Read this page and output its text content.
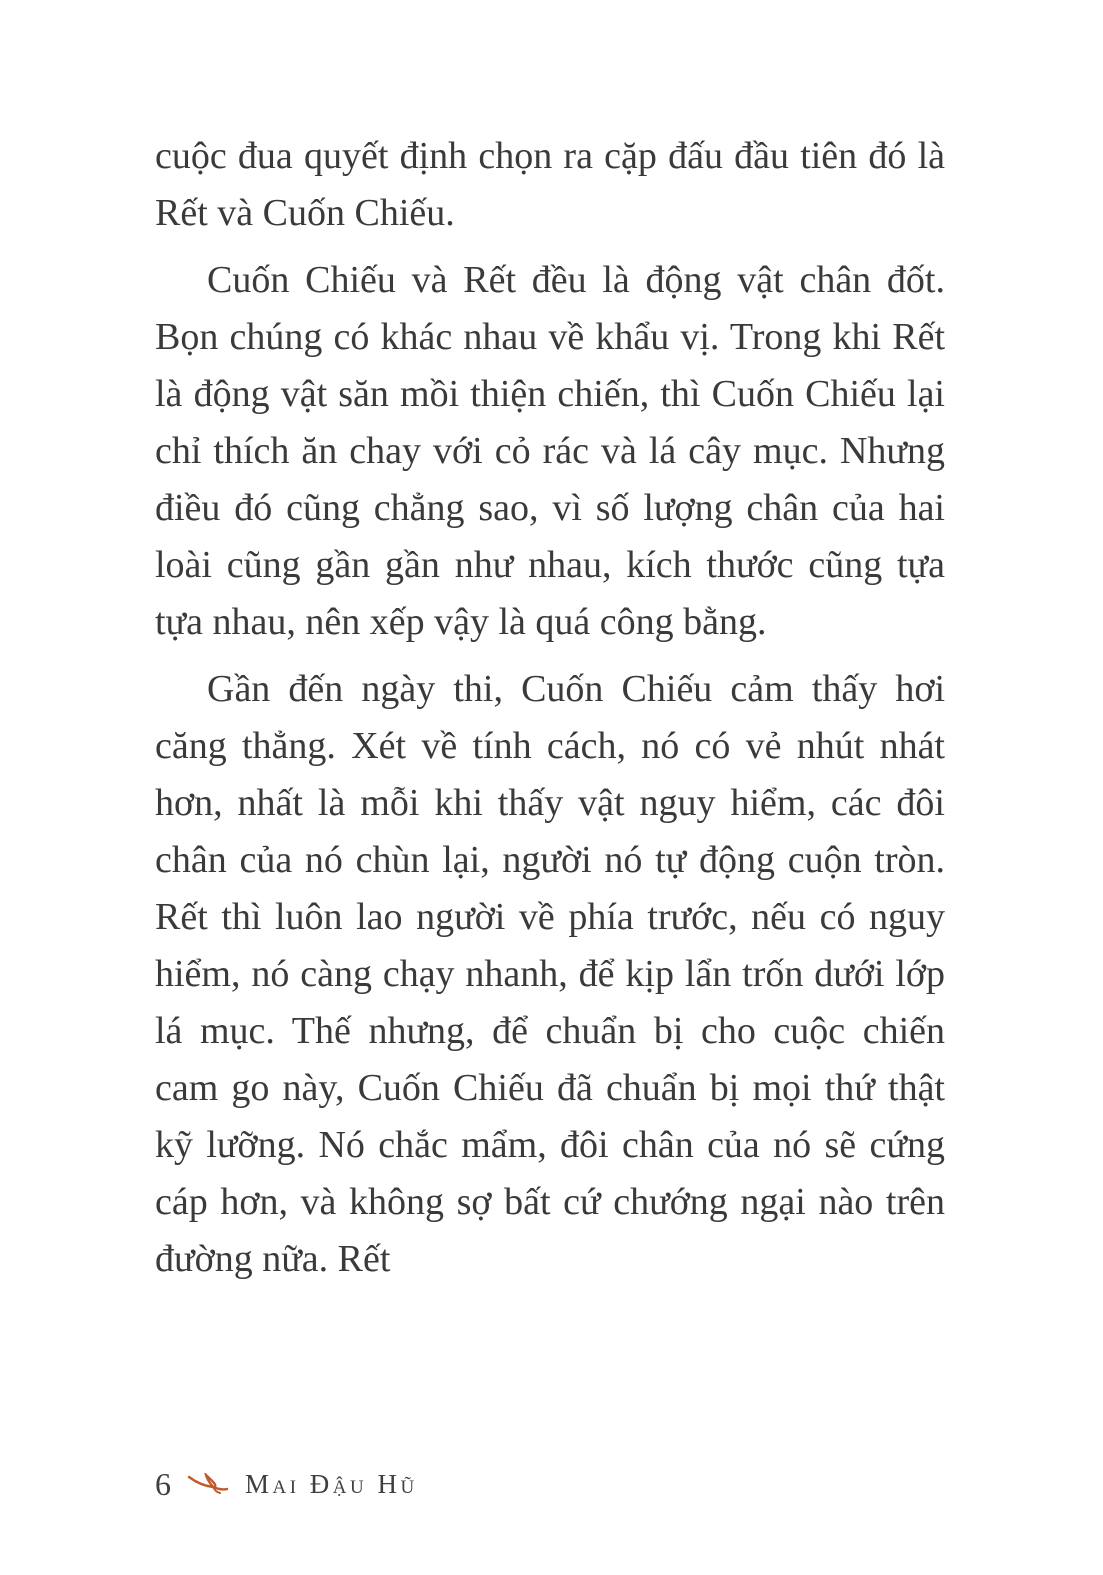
cuộc đua quyết định chọn ra cặp đấu đầu tiên đó là Rết và Cuốn Chiếu.

Cuốn Chiếu và Rết đều là động vật chân đốt. Bọn chúng có khác nhau về khẩu vị. Trong khi Rết là động vật săn mồi thiện chiến, thì Cuốn Chiếu lại chỉ thích ăn chay với cỏ rác và lá cây mục. Nhưng điều đó cũng chẳng sao, vì số lượng chân của hai loài cũng gần gần như nhau, kích thước cũng tựa tựa nhau, nên xếp vậy là quá công bằng.

Gần đến ngày thi, Cuốn Chiếu cảm thấy hơi căng thẳng. Xét về tính cách, nó có vẻ nhút nhát hơn, nhất là mỗi khi thấy vật nguy hiểm, các đôi chân của nó chùn lại, người nó tự động cuộn tròn. Rết thì luôn lao người về phía trước, nếu có nguy hiểm, nó càng chạy nhanh, để kịp lẩn trốn dưới lớp lá mục. Thế nhưng, để chuẩn bị cho cuộc chiến cam go này, Cuốn Chiếu đã chuẩn bị mọi thứ thật kỹ lưỡng. Nó chắc mẩm, đôi chân của nó sẽ cứng cáp hơn, và không sợ bất cứ chướng ngại nào trên đường nữa. Rết

6	Mai Đậu Hũ
